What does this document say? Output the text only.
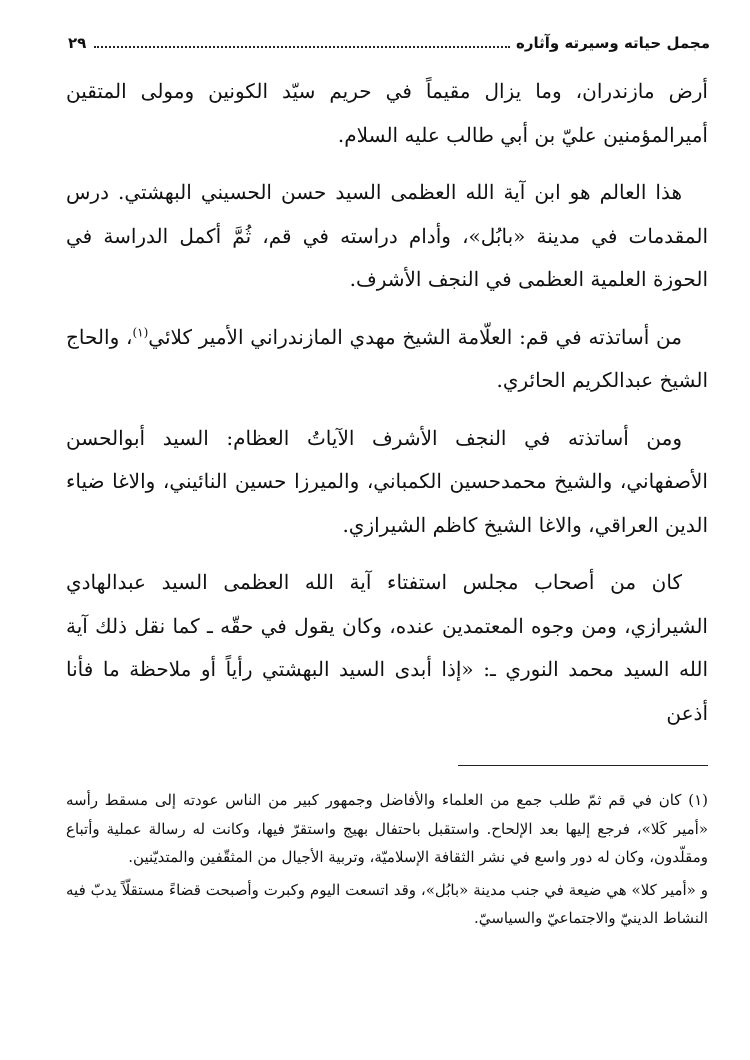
مجمل حياته وسيرته وآثاره
٢٩

أرض مازندران، وما يزال مقيماً في حريم سيّد الكونين ومولى المتقين أميرالمؤمنين عليّ بن أبي طالب عليه السلام.

هذا العالم هو ابن آية الله العظمى السيد حسن الحسيني البهشتي. درس المقدمات في مدينة «بابُل»، وأدام دراسته في قم، ثُمَّ أكمل الدراسة في الحوزة العلمية العظمى في النجف الأشرف.

من أساتذته في قم: العلّامة الشيخ مهدي المازندراني الأمير كلائي$^{(١)}$، والحاج الشيخ عبدالكريم الحائري.

ومن أساتذته في النجف الأشرف الآياتُ العظام: السيد أبوالحسن الأصفهاني، والشيخ محمدحسين الكمباني، والميرزا حسين النائيني، والاغا ضياء الدين العراقي، والاغا الشيخ كاظم الشيرازي.

كان من أصحاب مجلس استفتاء آية الله العظمى السيد عبدالهادي الشيرازي، ومن وجوه المعتمدين عنده، وكان يقول في حقّه ـ كما نقل ذلك آية الله السيد محمد النوري ـ: «إذا أبدى السيد البهشتي رأياً أو ملاحظة ما فأنا أذعن

(١) كان في قم ثمّ طلب جمع من العلماء والأفاضل وجمهور كبير من الناس عودته إلى مسقط رأسه «أمير كَلا»، فرجع إليها بعد الإلحاح. واستقبل باحتفال بهيج واستقرّ فيها، وكانت له رسالة عملية وأتباع ومقلّدون، وكان له دور واسع في نشر الثقافة الإسلاميّة، وتربية الأجيال من المثقّفين والمتديّنين.

و «أمير كلا» هي ضيعة في جنب مدينة «بابُل»، وقد اتسعت اليوم وكبرت وأصبحت قضاءً مستقلّاً يدبّ فيه النشاط الدينيّ والاجتماعيّ والسياسيّ.
